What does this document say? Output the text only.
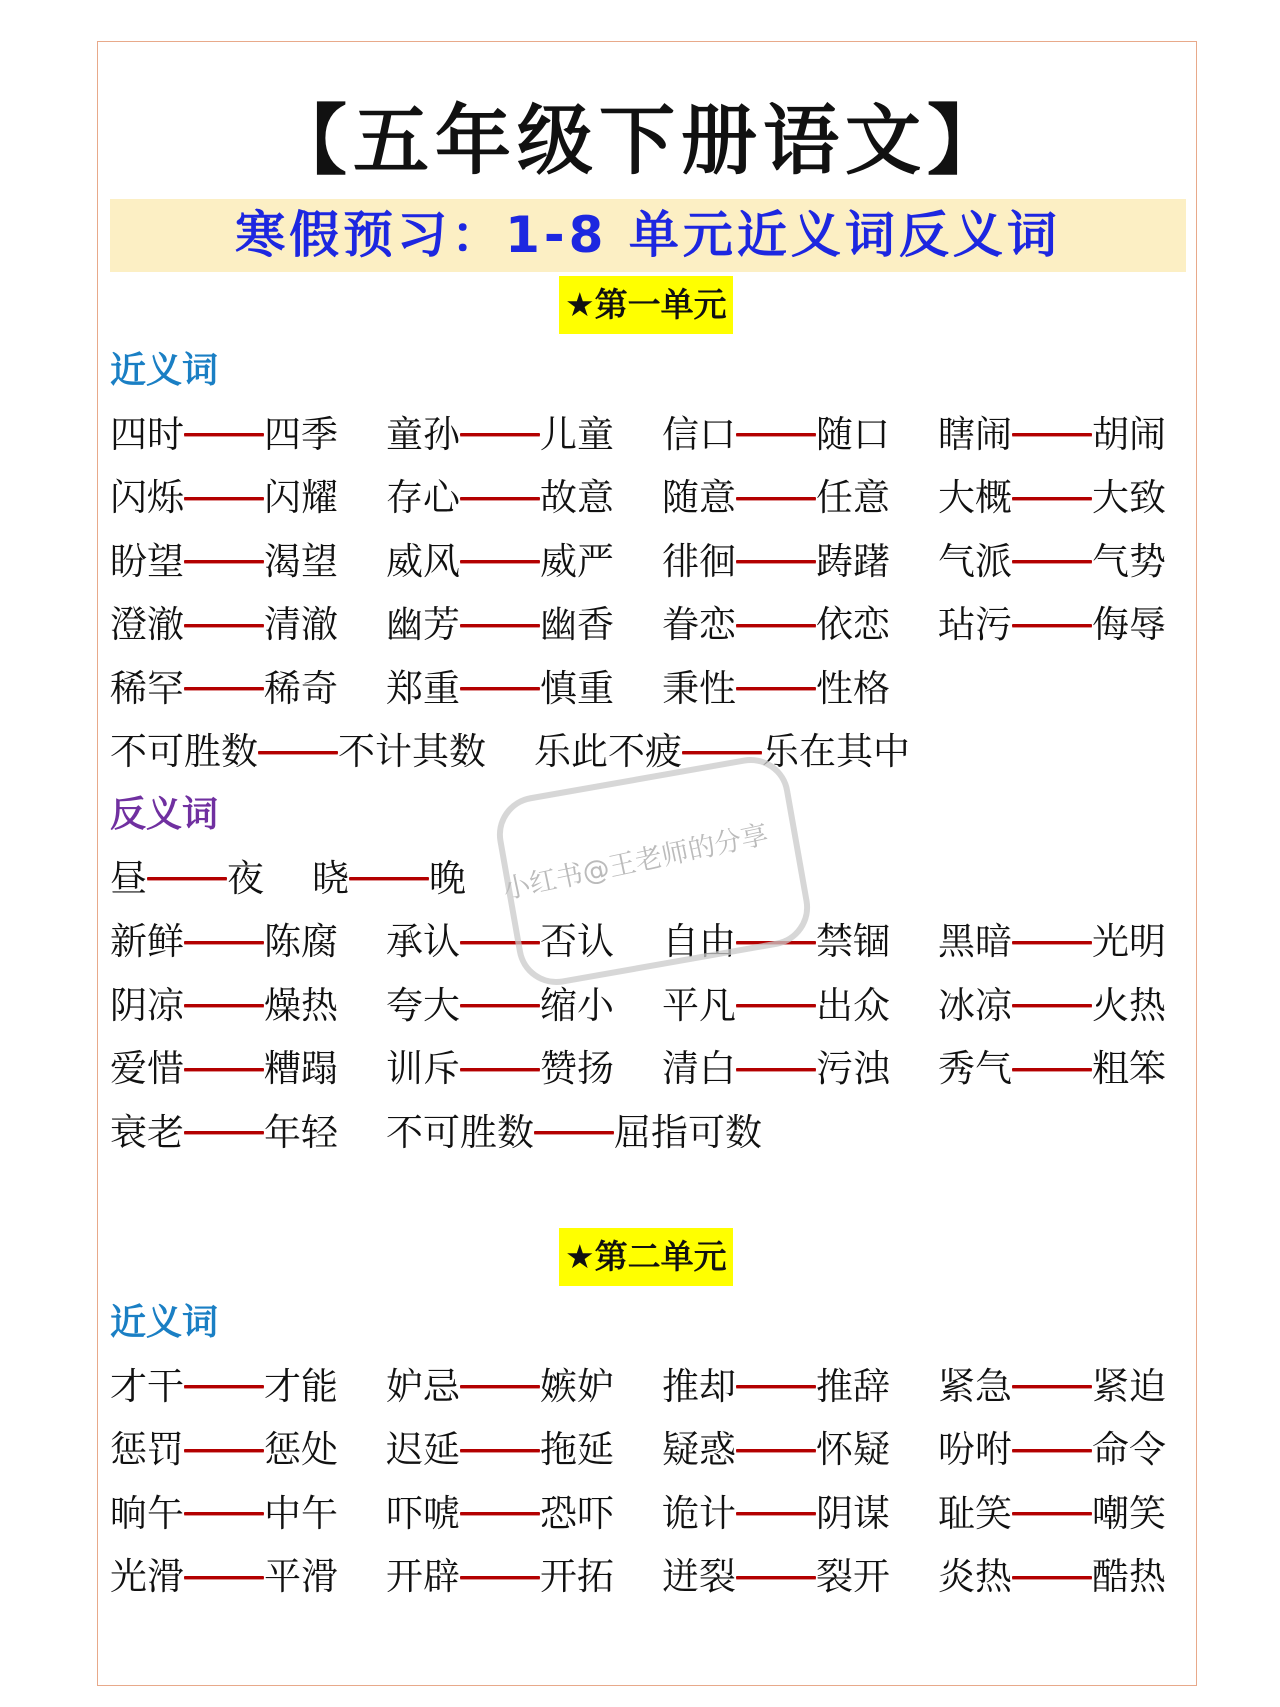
【五年级下册语文】
寒假预习：1-8 单元近义词反义词
★第一单元
近义词
四时 四季 童孙 儿童 信口 随口 瞎闹 胡闹
闪烁 闪耀 存心 故意 随意 任意 大概 大致
盼望 渴望 威风 威严 徘徊 踌躇 气派 气势
澄澈 清澈 幽芳 幽香 眷恋 依恋 玷污 侮辱
稀罕 稀奇 郑重 慎重 秉性 性格
不可胜数 不计其数 乐此不疲 乐在其中
反义词
昼 夜 晓 晚
新鲜 陈腐 承认 否认 自由 禁锢 黑暗 光明
阴凉 燥热 夸大 缩小 平凡 出众 冰凉 火热
爱惜 糟蹋 训斥 赞扬 清白 污浊 秀气 粗笨
衰老 年轻 不可胜数 屈指可数
★第二单元
近义词
才干 才能 妒忌 嫉妒 推却 推辞 紧急 紧迫
惩罚 惩处 迟延 拖延 疑惑 怀疑 吩咐 命令
晌午 中午 吓唬 恐吓 诡计 阴谋 耻笑 嘲笑
光滑 平滑 开辟 开拓 迸裂 裂开 炎热 酷热
小红书@王老师的分享
